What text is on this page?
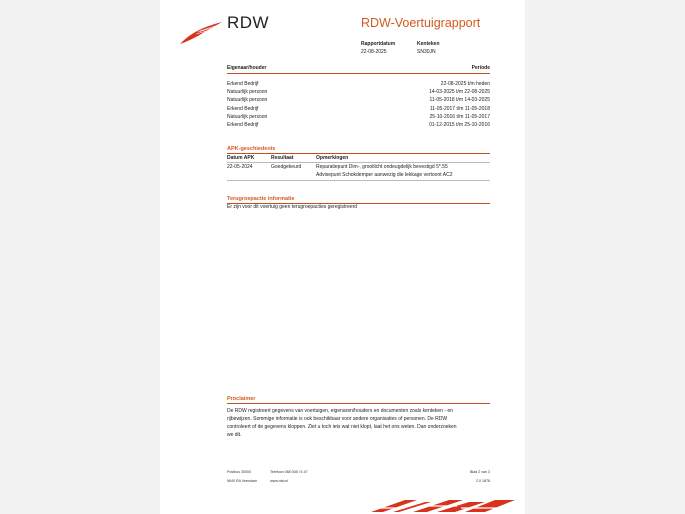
RDW	RDW-Voertuigrapport
Rapportdatum
22-08-2025
Kenteken
SN30JN
Eigenaar/houder	Periode
Erkend Bedrijf	22-08-2025 t/m heden
Natuurlijk persoon	14-03-2025 t/m 22-08-2025
Natuurlijk persoon	11-05-2018 t/m 14-03-2025
Erkend Bedrijf	11-05-2017 t/m 11-05-2018
Natuurlijk persoon	25-10-2016 t/m 11-05-2017
Erkend Bedrijf	01-12-2015 t/m 25-10-2016
APK-geschiedenis
Datum APK	Resultaat	Opmerkingen
22-05-2024	Goedgekeurd	Reparatiepunt Dim-, grootlicht ondeugdelijk bevestigd 5*.55
Advisepunt Schokdemper aanwezig die lekkage vertoont AC2
Terugroepactie informatie
Er zijn voor dit voertuig geen terugroepacties geregistreerd
Proclaimer
De RDW registreert gegevens van voertuigen, eigenaren/houders en documenten zoals kenteken - en
rijbewijzen. Sommige informatie is ook beschikbaar voor andere organisaties of personen. De RDW
controleert of de gegevens kloppen. Ziet u toch iets wat niet klopt, laat het ons weten. Dan onderzoeken
we dit.
Postbus 30000
9640 RA Veendam
Telefoon 088 008 74 47
www.rdw.nl
Blad 2 van 3
2.0 1878
